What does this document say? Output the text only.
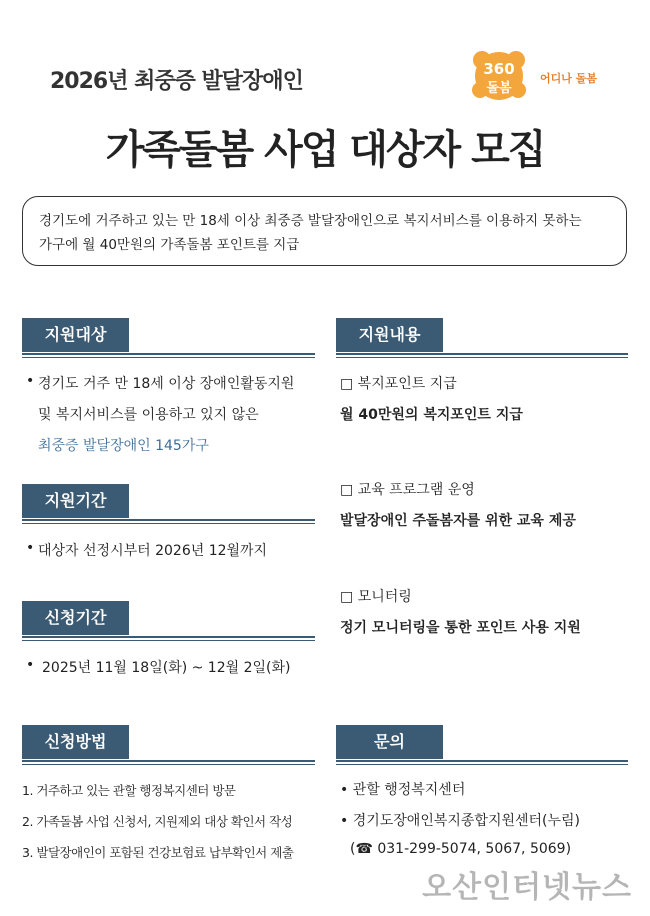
2026년 최중증 발달장애인	360
돌봄
어디나 돌봄
가족돌봄 사업 대상자 모집
경기도에 거주하고 있는 만 18세 이상 최중증 발달장애인으로 복지서비스를 이용하지 못하는
가구에 월 40만원의 가족돌봄 포인트를 지급
지원대상
• 경기도 거주 만 18세 이상 장애인활동지원
및 복지서비스를 이용하고 있지 않은
최중증 발달장애인 145가구
지원기간
• 대상자 선정시부터 2026년 12월까지
신청기간
• 2025년 11월 18일(화) ~ 12월 2일(화)
신청방법
1. 거주하고 있는 관할 행정복지센터 방문
2. 가족돌봄 사업 신청서, 지원제외 대상 확인서 작성
3. 발달장애인이 포함된 건강보험료 납부확인서 제출
지원내용
□ 복지포인트 지급
월 40만원의 복지포인트 지급
□ 교육 프로그램 운영
발달장애인 주돌봄자를 위한 교육 제공
□ 모니터링
정기 모니터링을 통한 포인트 사용 지원
문의
• 관할 행정복지센터
• 경기도장애인복지종합지원센터(누림)
(☎ 031-299-5074, 5067, 5069)
오산인터넷뉴스
